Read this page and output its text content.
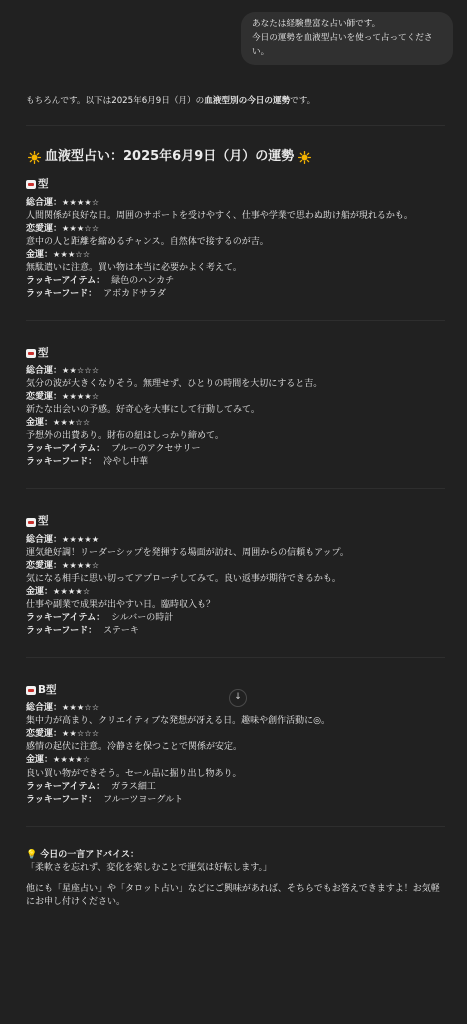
あなたは経験豊富な占い師です。
今日の運勢を血液型占いを使って占ってください。

もちろんです。以下は2025年6月9日（月）の血液型別の今日の運勢です。

血液型占い：2025年6月9日（月）の運勢
型

総合運：★★★★☆

人間関係が良好な日。周囲のサポートを受けやすく、仕事や学業で思わぬ助け船が現れるかも。

恋愛運：★★★☆☆

意中の人と距離を縮めるチャンス。自然体で接するのが吉。

金運：★★★☆☆

無駄遣いに注意。買い物は本当に必要かよく考えて。

ラッキーアイテム： 緑色のハンカチ

ラッキーフード： アボカドサラダ

型

総合運：★★☆☆☆

気分の波が大きくなりそう。無理せず、ひとりの時間を大切にすると吉。

恋愛運：★★★★☆

新たな出会いの予感。好奇心を大事にして行動してみて。

金運：★★★☆☆

予想外の出費あり。財布の紐はしっかり締めて。

ラッキーアイテム： ブルーのアクセサリー

ラッキーフード： 冷やし中華

型

総合運：★★★★★

運気絶好調！リーダーシップを発揮する場面が訪れ、周囲からの信頼もアップ。

恋愛運：★★★★☆

気になる相手に思い切ってアプローチしてみて。良い返事が期待できるかも。

金運：★★★★☆

仕事や副業で成果が出やすい日。臨時収入も？

ラッキーアイテム： シルバーの時計

ラッキーフード： ステーキ

B型

総合運：★★★☆☆

集中力が高まり、クリエイティブな発想が冴える日。趣味や創作活動に◎。

恋愛運：★★☆☆☆

感情の起伏に注意。冷静さを保つことで関係が安定。

金運：★★★★☆

良い買い物ができそう。セール品に掘り出し物あり。

ラッキーアイテム： ガラス細工

ラッキーフード： フルーツヨーグルト

💡 今日の一言アドバイス：

「柔軟さを忘れず、変化を楽しむことで運気は好転します。」

他にも「星座占い」や「タロット占い」などにご興味があれば、そちらでもお答えできますよ！お気軽にお申し付けください。

↓
